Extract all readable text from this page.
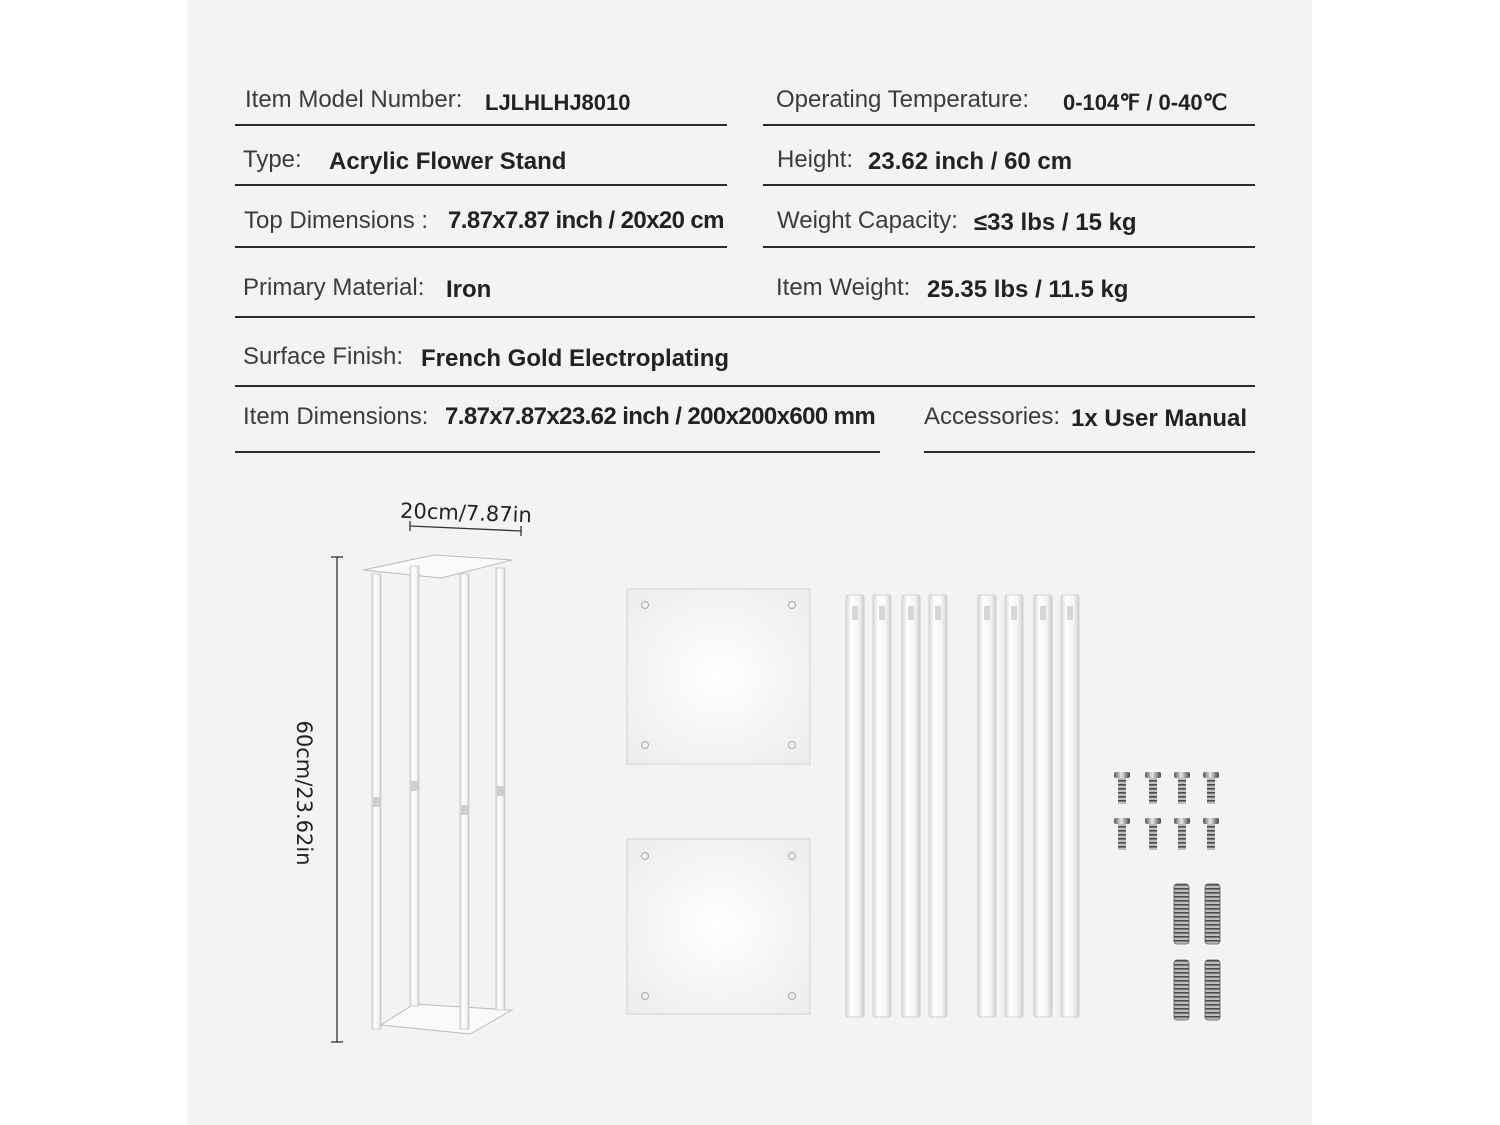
Item Model Number: LJLHLHJ8010	Operating Temperature: 0-104℉ / 0-40℃
Type: Acrylic Flower Stand	Height: 23.62 inch / 60 cm
Top Dimensions : 7.87x7.87 inch / 20x20 cm Weight Capacity: ≤33 lbs / 15 kg
Primary Material: Iron	Item Weight: 25.35 lbs / 11.5 kg
Surface Finish: French Gold Electroplating
Item Dimensions: 7.87x7.87x23.62 inch / 200x200x600 mm Accessories: 1x User Manual
20cm/7.87in
60cm/23.62in
